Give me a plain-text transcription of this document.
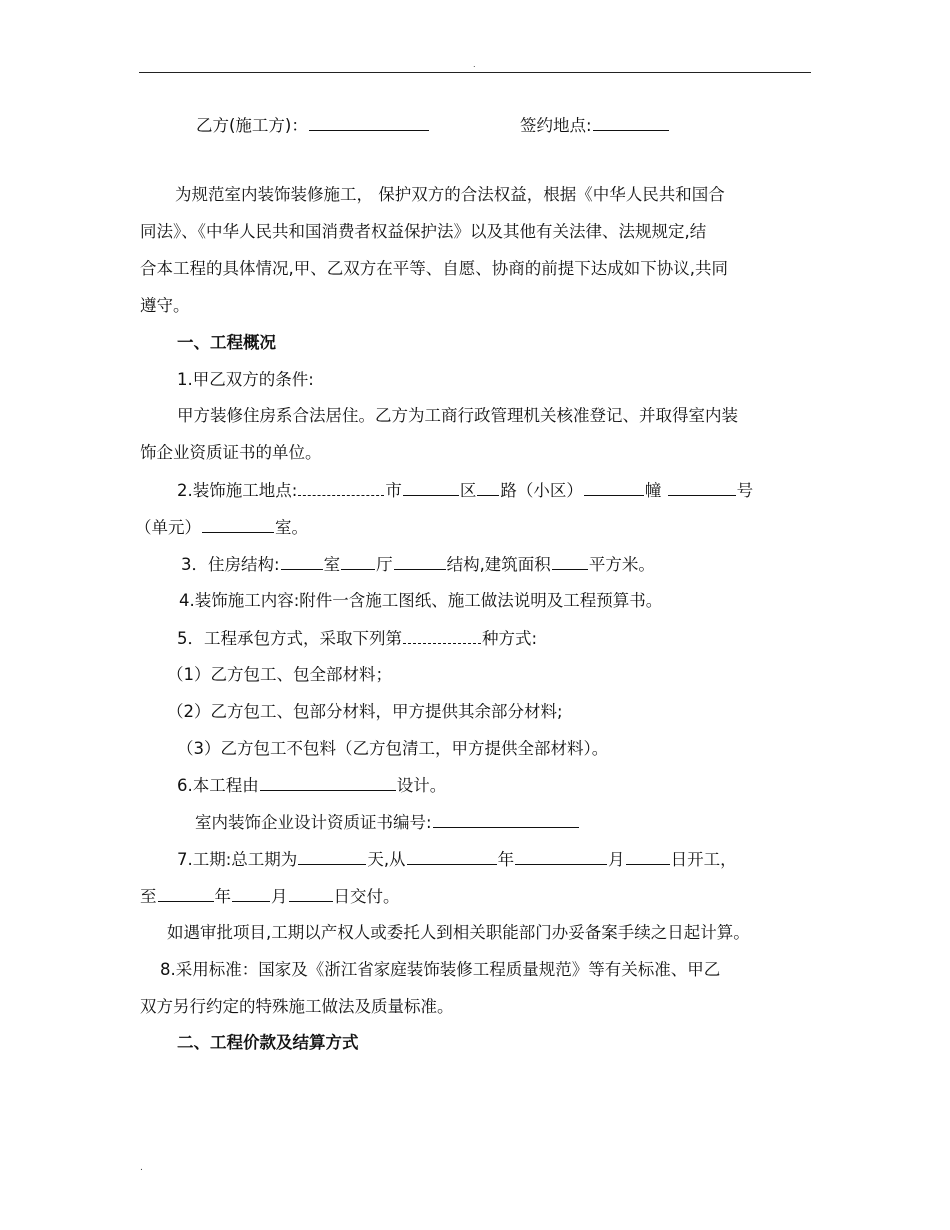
.
乙方(施工方)：	签约地点:
为规范室内装饰装修施工， 保护双方的合法权益，根据《中华人民共和国合
同法》、《中华人民共和国消费者权益保护法》以及其他有关法律、法规规定,结
合本工程的具体情况,甲、乙双方在平等、自愿、协商的前提下达成如下协议,共同
遵守。
一、工程概况
1.甲乙双方的条件:
甲方装修住房系合法居住。乙方为工商行政管理机关核准登记、并取得室内装
饰企业资质证书的单位。
2.装饰施工地点:	市	区 路（小区）	幢	号
（单元）	室。
3．住房结构:	室 厅	结构,建筑面积 平方米。
4.装饰施工内容:附件一含施工图纸、施工做法说明及工程预算书。
5．工程承包方式，采取下列第	种方式:
（1）乙方包工、包全部材料；
（2）乙方包工、包部分材料，甲方提供其余部分材料;
（3）乙方包工不包料（乙方包清工，甲方提供全部材料）。
6.本工程由	设计。
室内装饰企业设计资质证书编号:
7.工期:总工期为	天,从	年	月	日开工，
至	年 月	日交付。
如遇审批项目,工期以产权人或委托人到相关职能部门办妥备案手续之日起计算。
8.采用标准：国家及《浙江省家庭装饰装修工程质量规范》等有关标准、甲乙
双方另行约定的特殊施工做法及质量标准。
二、工程价款及结算方式
.
